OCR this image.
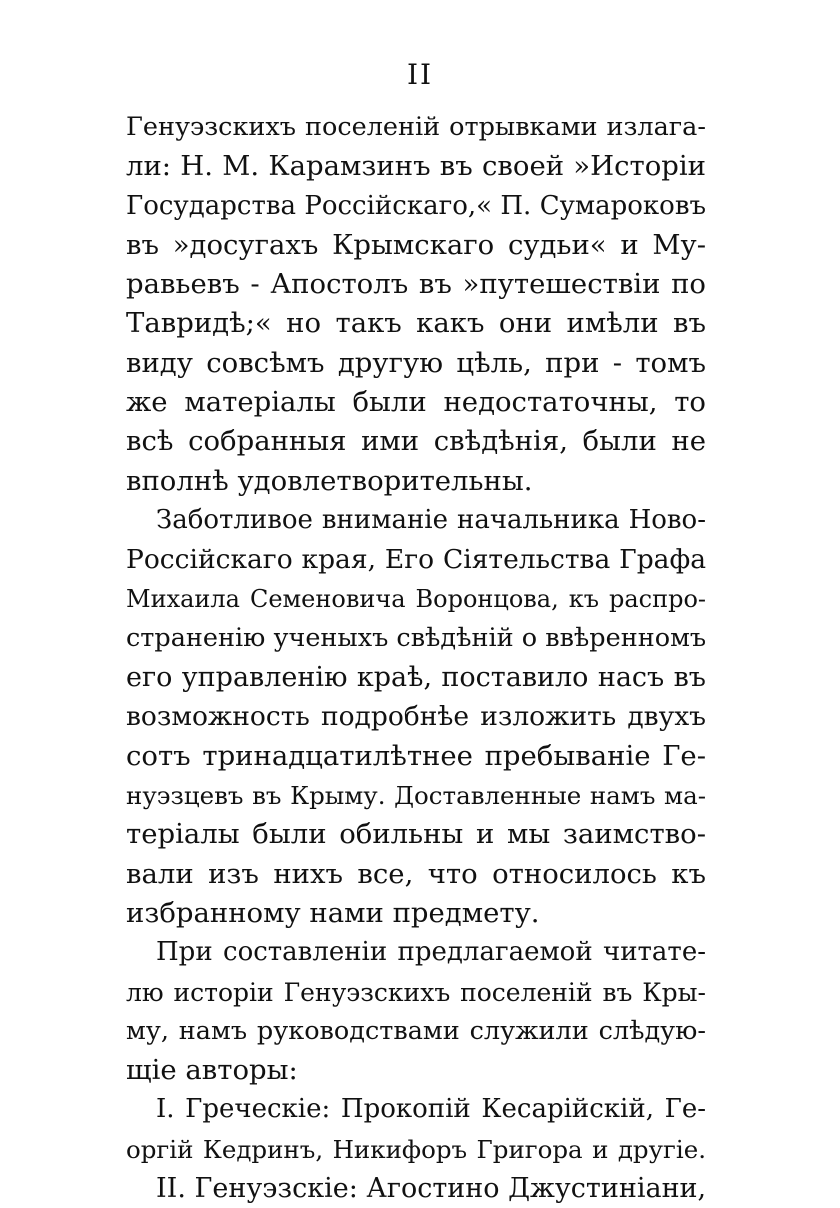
II
Генуэзскихъ поселеній отрывками излага-
ли: Н. М. Карамзинъ въ своей »Исторіи
Государства Россійскаго,« П. Сумароковъ
въ »досугахъ Крымскаго судьи« и Му-
равьевъ - Апостолъ въ »путешествіи по
Тавридѣ;« но такъ какъ они имѣли въ
виду совсѣмъ другую цѣль, при - томъ
же матеріалы были недостаточны, то
всѣ собранныя ими свѣдѣнія, были не
вполнѣ удовлетворительны.
Заботливое вниманіе начальника Ново-
Россійскаго края, Его Сіятельства Графа
Михаила Семеновича Воронцова, къ распро-
страненію ученыхъ свѣдѣній о ввѣренномъ
его управленію краѣ, поставило насъ въ
возможность подробнѣе изложить двухъ
сотъ тринадцатилѣтнее пребываніе Ге-
нуэзцевъ въ Крыму. Доставленные намъ ма-
теріалы были обильны и мы заимство-
вали изъ нихъ все, что относилось къ
избранному нами предмету.
При составленіи предлагаемой читате-
лю исторіи Генуэзскихъ поселеній въ Кры-
му, намъ руководствами служили слѣдую-
щіе авторы:
I. Греческіе: Прокопій Кесарійскій, Ге-
оргій Кедринъ, Никифоръ Григора и другіе.
II. Генуэзскіе: Агостино Джустиніани,
